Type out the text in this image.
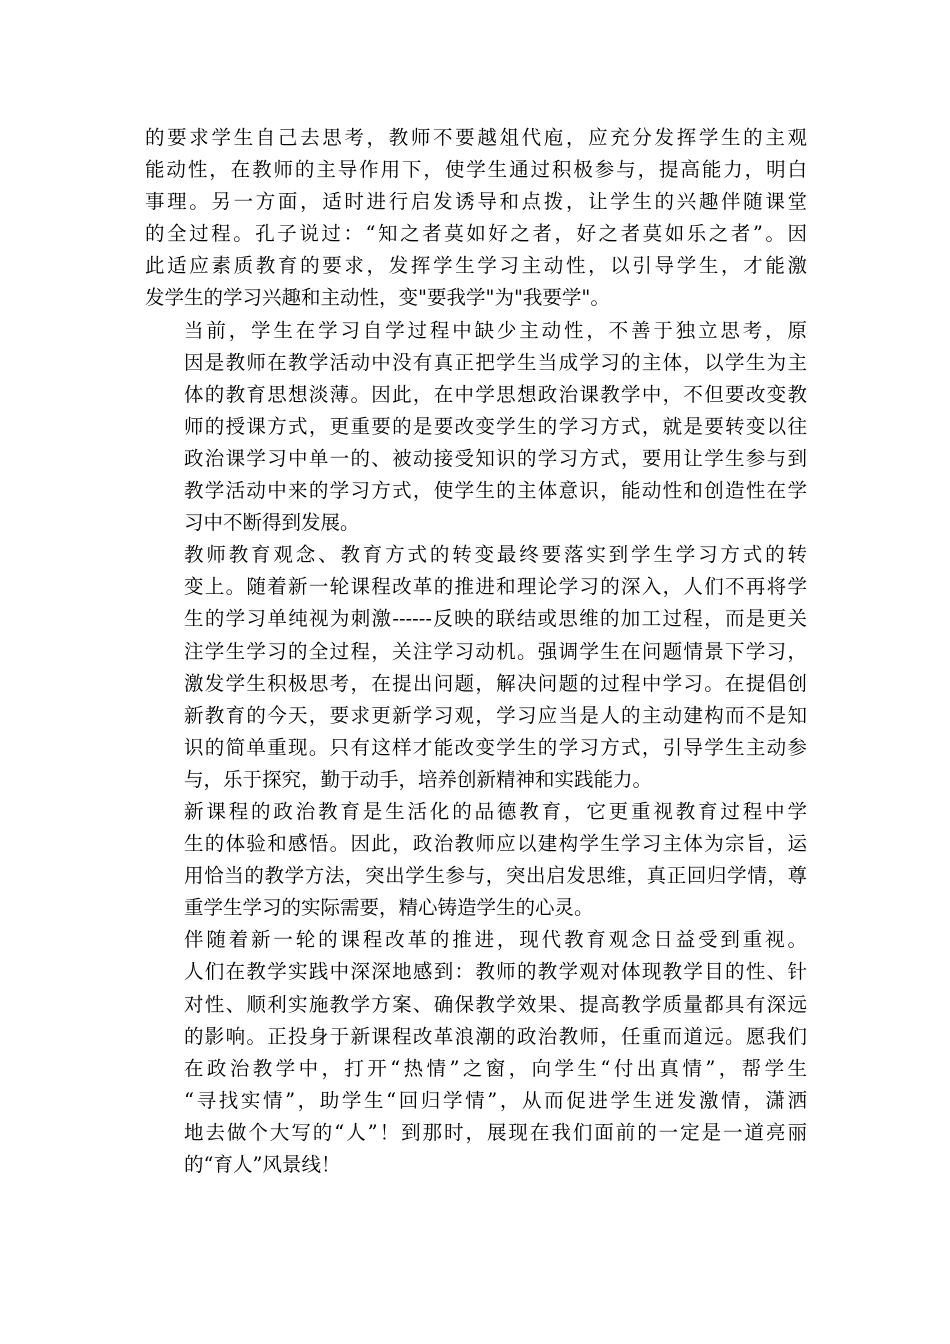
的要求学生自己去思考，教师不要越俎代庖，应充分发挥学生的主观
能动性，在教师的主导作用下，使学生通过积极参与，提高能力，明白
事理。另一方面，适时进行启发诱导和点拨，让学生的兴趣伴随课堂
的全过程。孔子说过：“知之者莫如好之者，好之者莫如乐之者”。因
此适应素质教育的要求，发挥学生学习主动性，以引导学生，才能激
发学生的学习兴趣和主动性，变"要我学"为"我要学"。

当前，学生在学习自学过程中缺少主动性，不善于独立思考，原
因是教师在教学活动中没有真正把学生当成学习的主体，以学生为主
体的教育思想淡薄。因此，在中学思想政治课教学中，不但要改变教
师的授课方式，更重要的是要改变学生的学习方式，就是要转变以往
政治课学习中单一的、被动接受知识的学习方式，要用让学生参与到
教学活动中来的学习方式，使学生的主体意识，能动性和创造性在学
习中不断得到发展。

教师教育观念、教育方式的转变最终要落实到学生学习方式的转
变上。随着新一轮课程改革的推进和理论学习的深入，人们不再将学
生的学习单纯视为刺激------反映的联结或思维的加工过程，而是更关
注学生学习的全过程，关注学习动机。强调学生在问题情景下学习，
激发学生积极思考，在提出问题，解决问题的过程中学习。在提倡创
新教育的今天，要求更新学习观，学习应当是人的主动建构而不是知
识的简单重现。只有这样才能改变学生的学习方式，引导学生主动参
与，乐于探究，勤于动手，培养创新精神和实践能力。

新课程的政治教育是生活化的品德教育，它更重视教育过程中学
生的体验和感悟。因此，政治教师应以建构学生学习主体为宗旨，运
用恰当的教学方法，突出学生参与，突出启发思维，真正回归学情，尊
重学生学习的实际需要，精心铸造学生的心灵。

伴随着新一轮的课程改革的推进，现代教育观念日益受到重视。
人们在教学实践中深深地感到：教师的教学观对体现教学目的性、针
对性、顺利实施教学方案、确保教学效果、提高教学质量都具有深远
的影响。正投身于新课程改革浪潮的政治教师，任重而道远。愿我们
在政治教学中，打开“热情”之窗，向学生“付出真情”，帮学生
“寻找实情”，助学生“回归学情”，从而促进学生迸发激情，潇洒
地去做个大写的“人”！到那时，展现在我们面前的一定是一道亮丽
的“育人”风景线！
